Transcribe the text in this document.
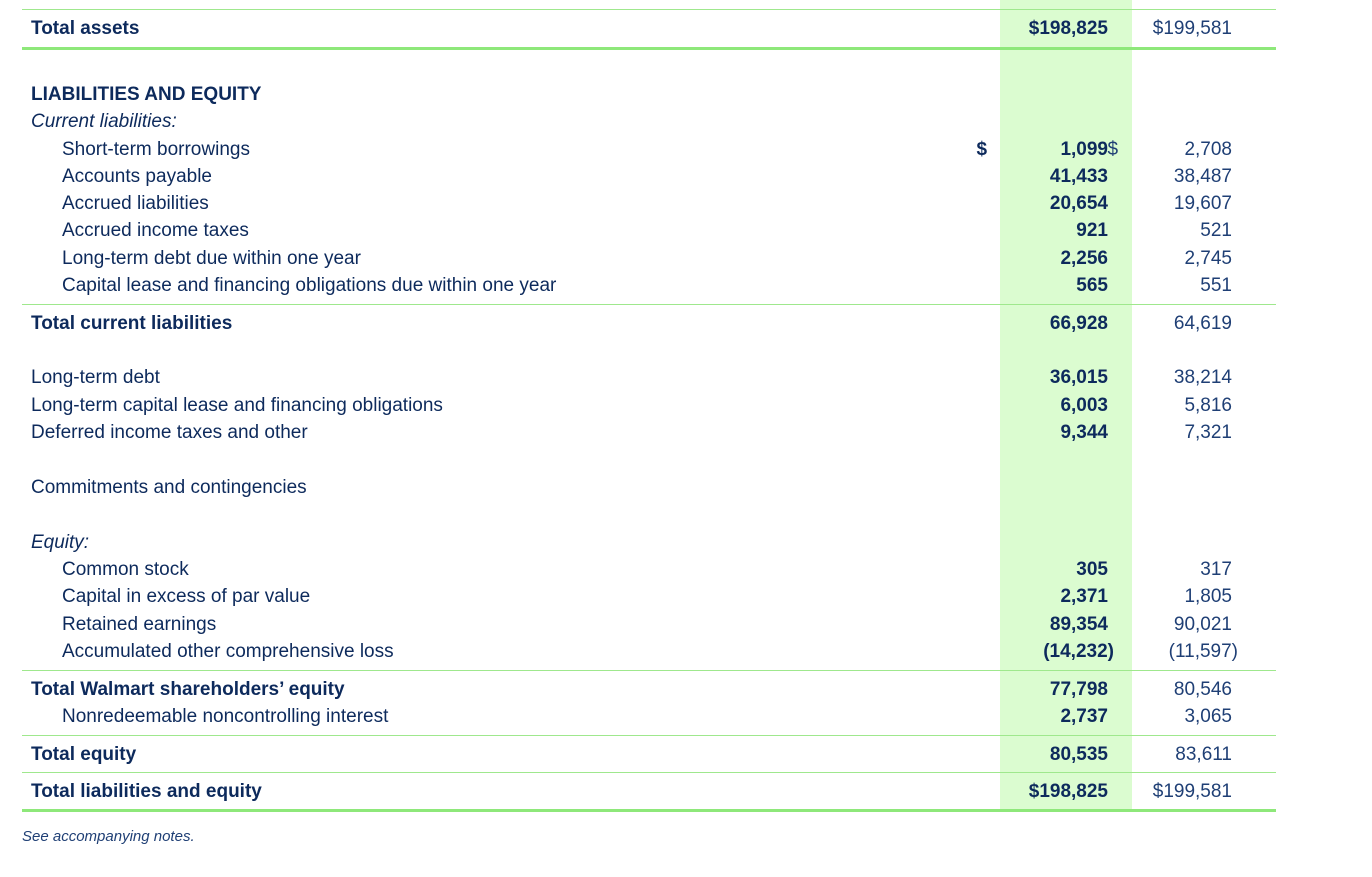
Total assets	$198,825 $199,581
LIABILITIES AND EQUITY
Current liabilities:
Short-term borrowings	$	1,099 $	2,708
Accounts payable	41,433	38,487
Accrued liabilities	20,654	19,607
Accrued income taxes	921	521
Long-term debt due within one year	2,256	2,745
Capital lease and financing obligations due within one year	565	551
Total current liabilities	66,928	64,619
Long-term debt	36,015	38,214
Long-term capital lease and financing obligations	6,003	5,816
Deferred income taxes and other	9,344	7,321
Commitments and contingencies
Equity:
Common stock	305	317
Capital in excess of par value	2,371	1,805
Retained earnings	89,354	90,021
Accumulated other comprehensive loss	(14,232)	(11,597)
Total Walmart shareholders’ equity	77,798	80,546
Nonredeemable noncontrolling interest	2,737	3,065
Total equity	80,535	83,611
Total liabilities and equity	$198,825 $199,581
See accompanying notes.
